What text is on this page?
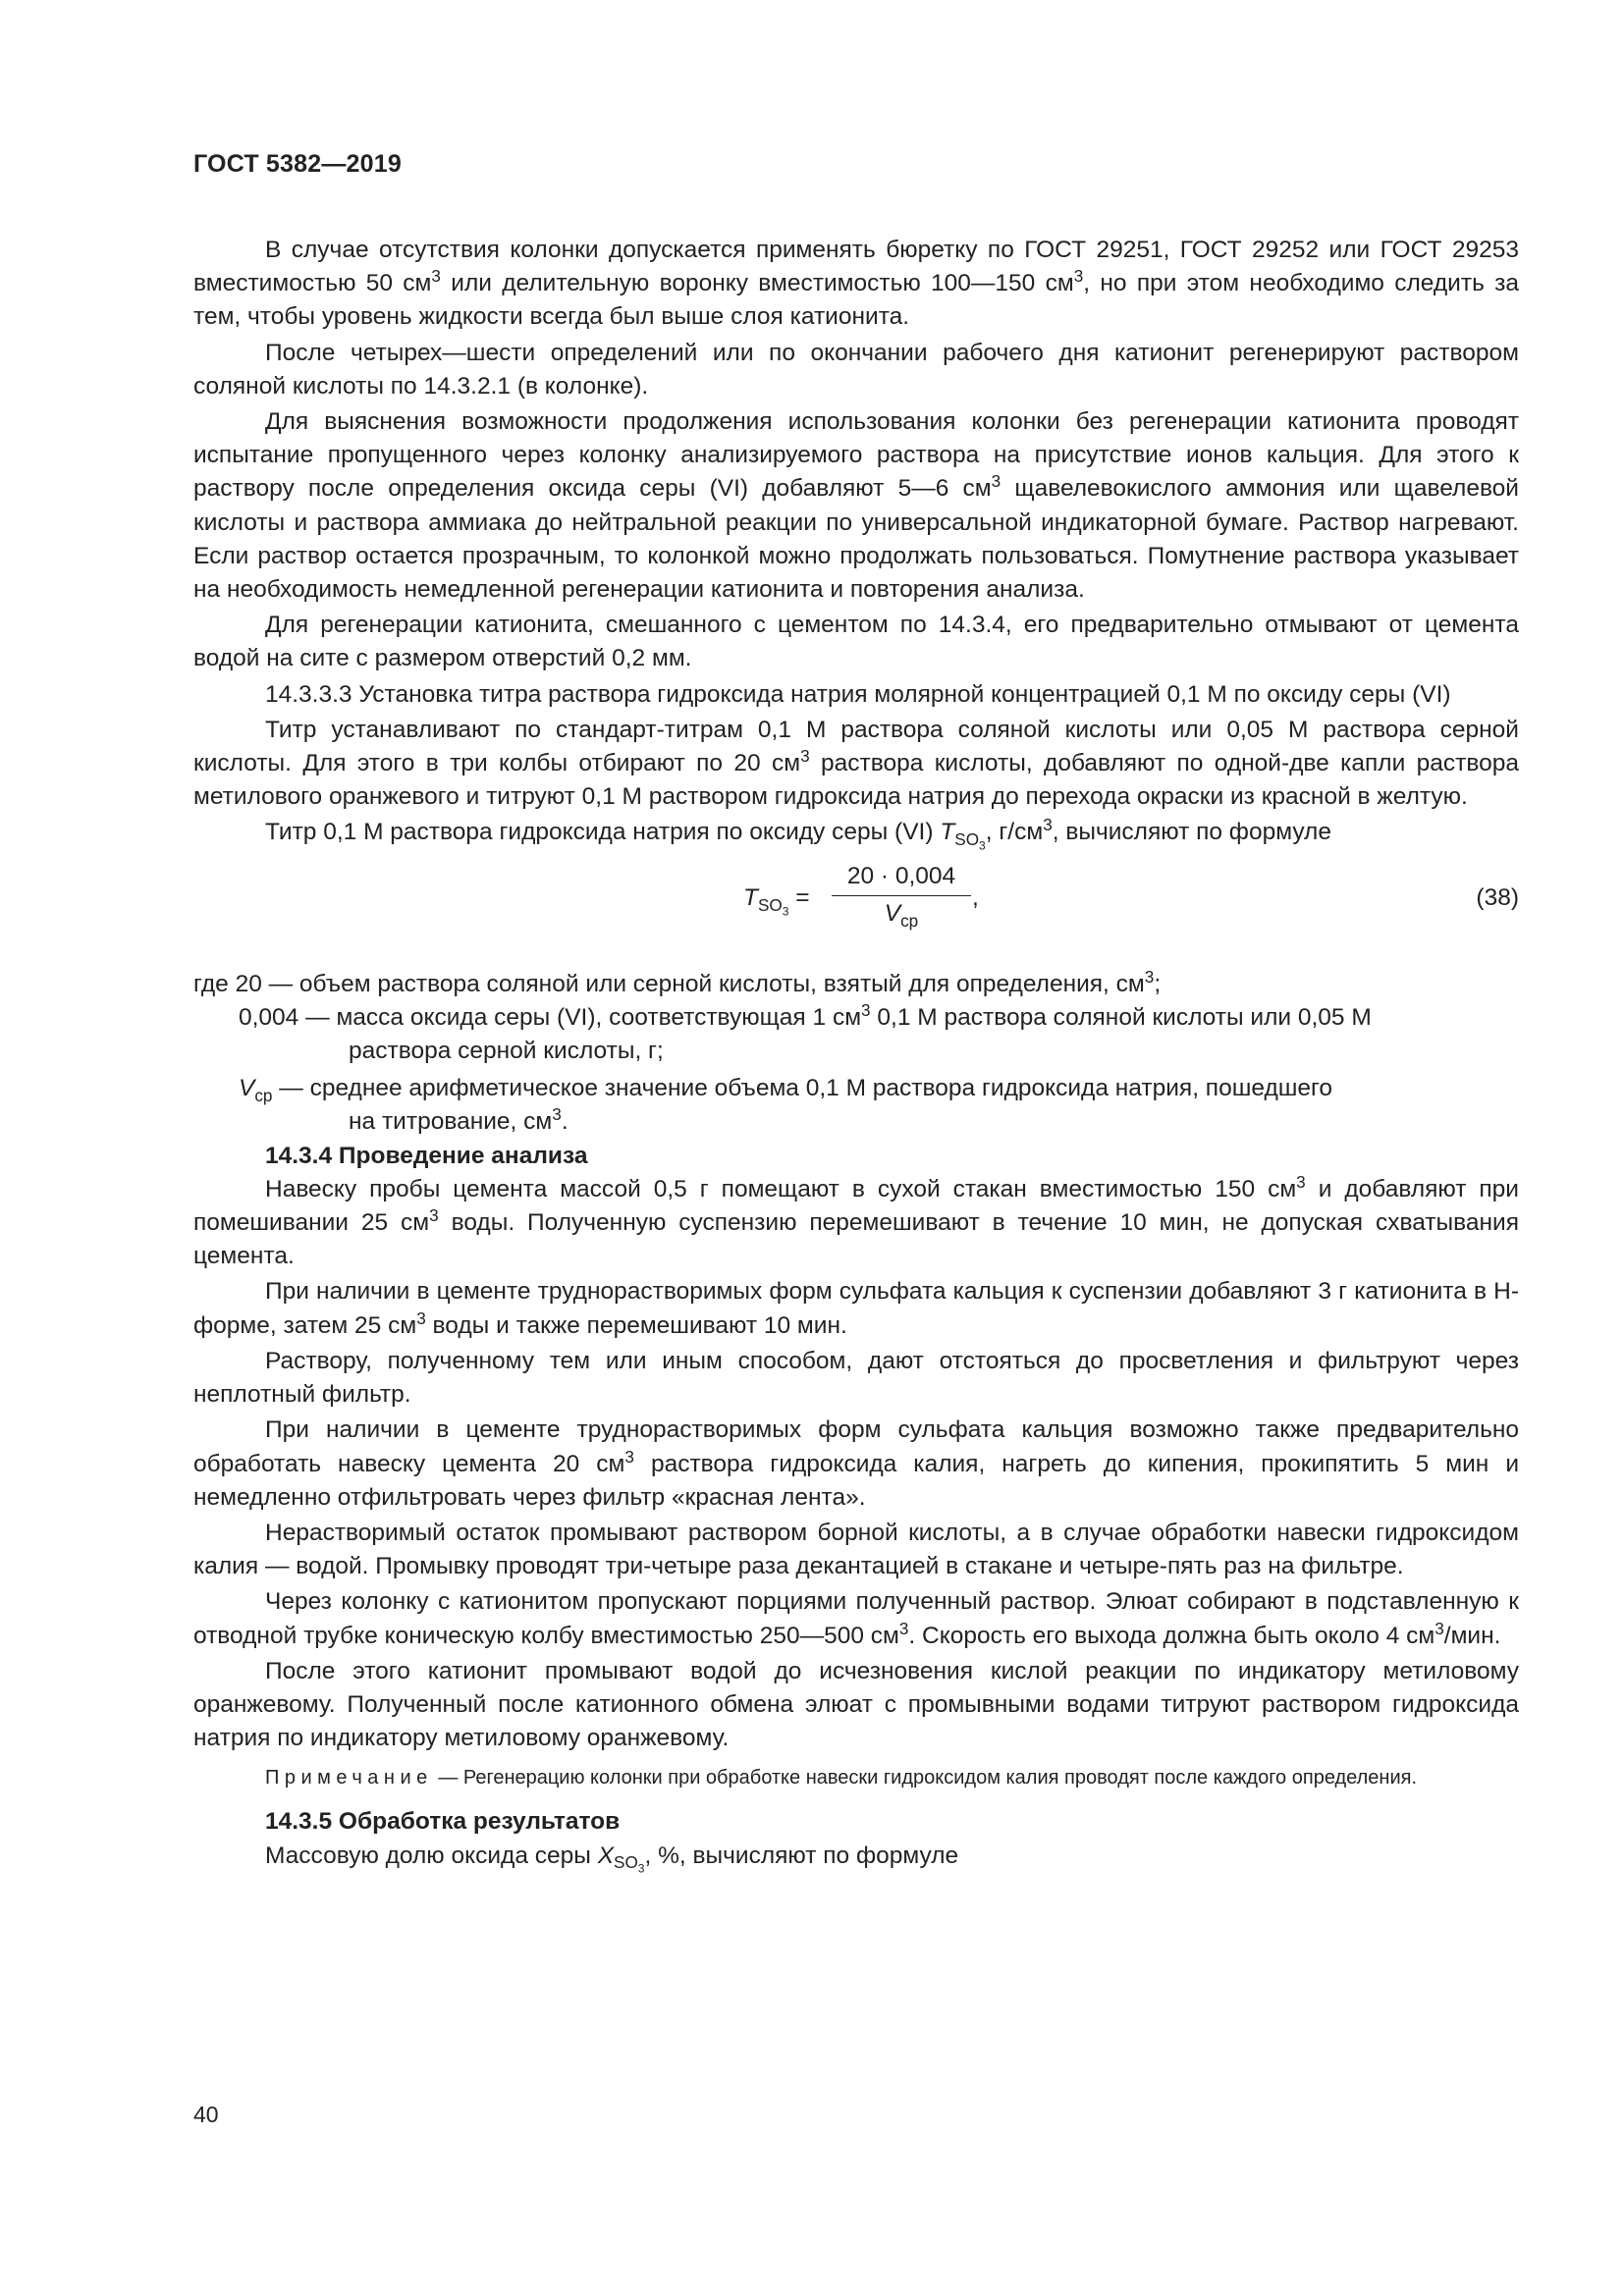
ГОСТ 5382—2019

В случае отсутствия колонки допускается применять бюретку по ГОСТ 29251, ГОСТ 29252 или ГОСТ 29253 вместимостью 50 $см^3$ или делительную воронку вместимостью 100—150 $см^3$, но при этом необходимо следить за тем, чтобы уровень жидкости всегда был выше слоя катионита.

После четырех—шести определений или по окончании рабочего дня катионит регенерируют раствором соляной кислоты по 14.3.2.1 (в колонке).

Для выяснения возможности продолжения использования колонки без регенерации катионита проводят испытание пропущенного через колонку анализируемого раствора на присутствие ионов кальция. Для этого к раствору после определения оксида серы (VI) добавляют 5—6 $см^3$ щавелевокислого аммония или щавелевой кислоты и раствора аммиака до нейтральной реакции по универсальной индикаторной бумаге. Раствор нагревают. Если раствор остается прозрачным, то колонкой можно продолжать пользоваться. Помутнение раствора указывает на необходимость немедленной регенерации катионита и повторения анализа.

Для регенерации катионита, смешанного с цементом по 14.3.4, его предварительно отмывают от цемента водой на сите с размером отверстий 0,2 мм.

14.3.3.3 Установка титра раствора гидроксида натрия молярной концентрацией 0,1 М по оксиду серы (VI)

Титр устанавливают по стандарт-титрам 0,1 М раствора соляной кислоты или 0,05 М раствора серной кислоты. Для этого в три колбы отбирают по 20 $см^3$ раствора кислоты, добавляют по одной-две капли раствора метилового оранжевого и титруют 0,1 М раствором гидроксида натрия до перехода окраски из красной в желтую.

Титр 0,1 М раствора гидроксида натрия по оксиду серы (VI) $T_{SO_3}$, $г/см^3$, вычисляют по формуле

$T_{SO_3}$ =
20 · 0,004
$V_{ср}$
,	(38)
где 20 — объем раствора соляной или серной кислоты, взятый для определения, $см^3$;
0,004 — масса оксида серы (VI), соответствующая 1 $см^3$ 0,1 М раствора соляной кислоты или 0,05 М
раствора серной кислоты, г;
$V_{ср}$ — среднее арифметическое значение объема 0,1 М раствора гидроксида натрия, пошедшего
на титрование, $см^3$.
14.3.4 Проведение анализа

Навеску пробы цемента массой 0,5 г помещают в сухой стакан вместимостью 150 $см^3$ и добавляют при помешивании 25 $см^3$ воды. Полученную суспензию перемешивают в течение 10 мин, не допуская схватывания цемента.

При наличии в цементе труднорастворимых форм сульфата кальция к суспензии добавляют 3 г катионита в Н-форме, затем 25 $см^3$ воды и также перемешивают 10 мин.

Раствору, полученному тем или иным способом, дают отстояться до просветления и фильтруют через неплотный фильтр.

При наличии в цементе труднорастворимых форм сульфата кальция возможно также предварительно обработать навеску цемента 20 $см^3$ раствора гидроксида калия, нагреть до кипения, прокипятить 5 мин и немедленно отфильтровать через фильтр «красная лента».

Нерастворимый остаток промывают раствором борной кислоты, а в случае обработки навески гидроксидом калия — водой. Промывку проводят три-четыре раза декантацией в стакане и четыре-пять раз на фильтре.

Через колонку с катионитом пропускают порциями полученный раствор. Элюат собирают в подставленную к отводной трубке коническую колбу вместимостью 250—500 $см^3$. Скорость его выхода должна быть около 4 $см^3$/мин.

После этого катионит промывают водой до исчезновения кислой реакции по индикатору метиловому оранжевому. Полученный после катионного обмена элюат с промывными водами титруют раствором гидроксида натрия по индикатору метиловому оранжевому.

Примечание — Регенерацию колонки при обработке навески гидроксидом калия проводят после каждого определения.

14.3.5 Обработка результатов

Массовую долю оксида серы $X_{SO_3}$, %, вычисляют по формуле

40
